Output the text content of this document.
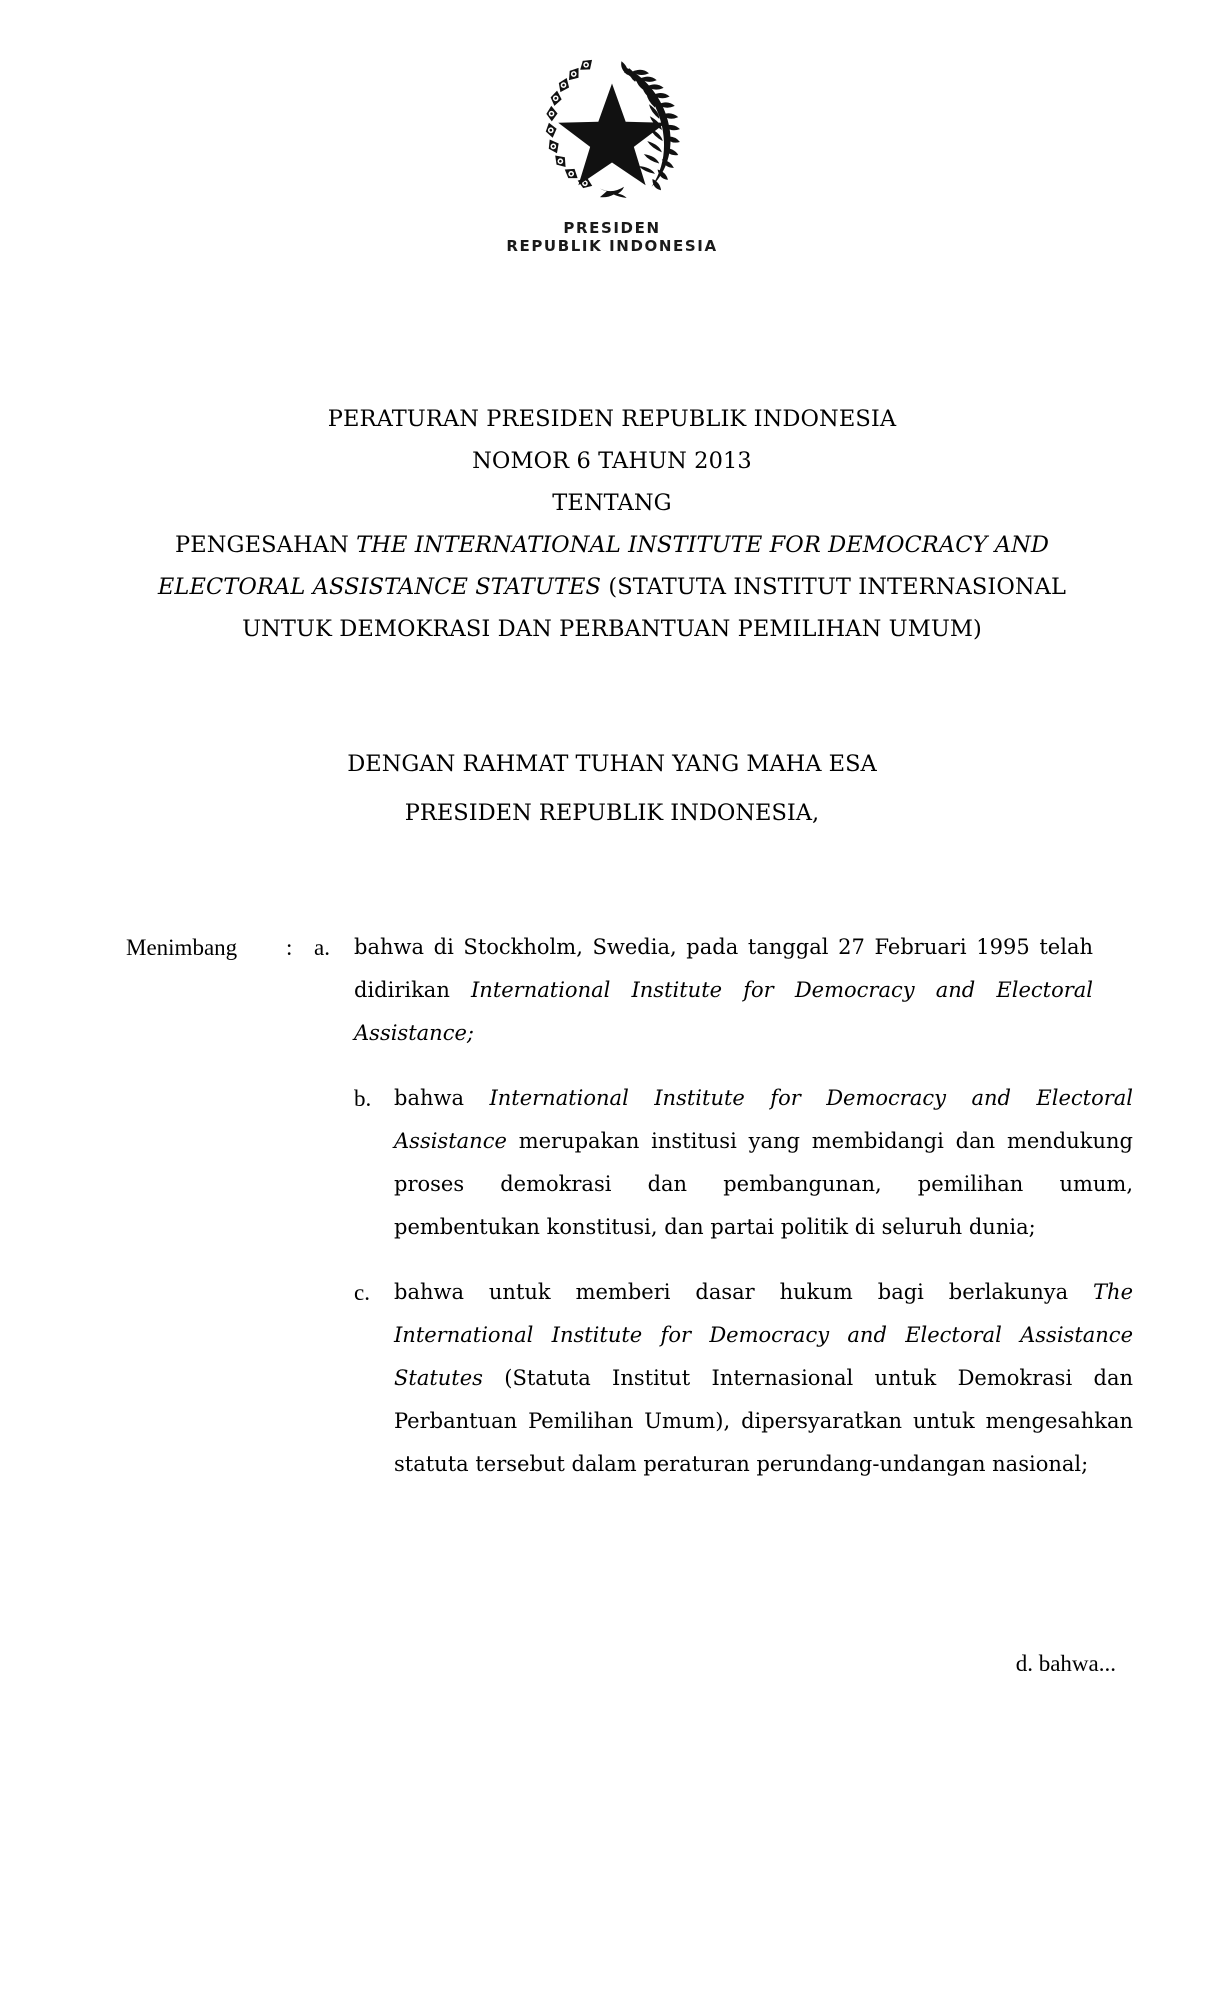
PRESIDEN
REPUBLIK INDONESIA
PERATURAN PRESIDEN REPUBLIK INDONESIA
NOMOR 6 TAHUN 2013
TENTANG
PENGESAHAN THE INTERNATIONAL INSTITUTE FOR DEMOCRACY AND
ELECTORAL ASSISTANCE STATUTES (STATUTA INSTITUT INTERNASIONAL
UNTUK DEMOKRASI DAN PERBANTUAN PEMILIHAN UMUM)
DENGAN RAHMAT TUHAN YANG MAHA ESA
PRESIDEN REPUBLIK INDONESIA,
Menimbang	: a.	bahwa di Stockholm, Swedia, pada tanggal 27 Februari 1995 telah didirikan International Institute for Democracy and Electoral Assistance;
b.	bahwa International Institute for Democracy and Electoral Assistance merupakan institusi yang membidangi dan mendukung proses demokrasi dan pembangunan, pemilihan umum, pembentukan konstitusi, dan partai politik di seluruh dunia;
c.	bahwa untuk memberi dasar hukum bagi berlakunya The International Institute for Democracy and Electoral Assistance Statutes (Statuta Institut Internasional untuk Demokrasi dan Perbantuan Pemilihan Umum), dipersyaratkan untuk mengesahkan statuta tersebut dalam peraturan perundang-undangan nasional;
d. bahwa...
